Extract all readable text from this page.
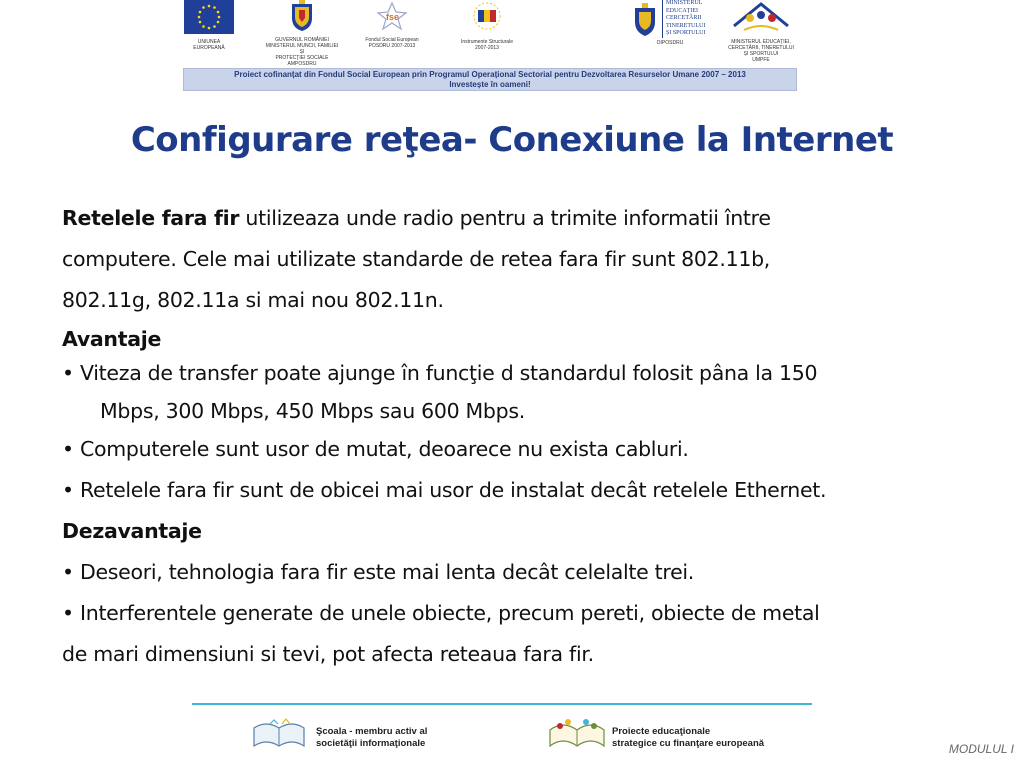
UNIUNEA EUROPEANĂ
GUVERNUL ROMÂNIEI
MINISTERUL MUNCII, FAMILIEI ȘI
PROTECȚIEI SOCIALE
AMPOSDRU
fse
Fondul Social European
POSDRU 2007-2013
Instrumente Structurale
2007-2013
MINISTERUL
EDUCAȚIEI
CERCETĂRII
TINERETULUI
ȘI SPORTULUI
OIPOSDRU	MINISTERUL EDUCAȚIEI,
CERCETĂRII, TINERETULUI
ȘI SPORTULUI
UMPFE
Proiect cofinanțat din Fondul Social European prin Programul Operațional Sectorial pentru Dezvoltarea Resurselor Umane 2007 – 2013
Investește în oameni!
Configurare reţea- Conexiune la Internet
Retelele fara fir utilizeaza unde radio pentru a trimite informatii între
computere. Cele mai utilizate standarde de retea fara fir sunt 802.11b,
802.11g, 802.11a si mai nou 802.11n.
Avantaje
• Viteza de transfer poate ajunge în funcţie d standardul folosit pâna la 150
Mbps, 300 Mbps, 450 Mbps sau 600 Mbps.
• Computerele sunt usor de mutat, deoarece nu exista cabluri.
• Retelele fara fir sunt de obicei mai usor de instalat decât retelele Ethernet.
Dezavantaje
• Deseori, tehnologia fara fir este mai lenta decât celelalte trei.
• Interferentele generate de unele obiecte, precum pereti, obiecte de metal
de mari dimensiuni si tevi, pot afecta reteaua fara fir.
Şcoala - membru activ al
societăţii informaţionale
Proiecte educaţionale
strategice cu finanţare europeană	MODULUL I
